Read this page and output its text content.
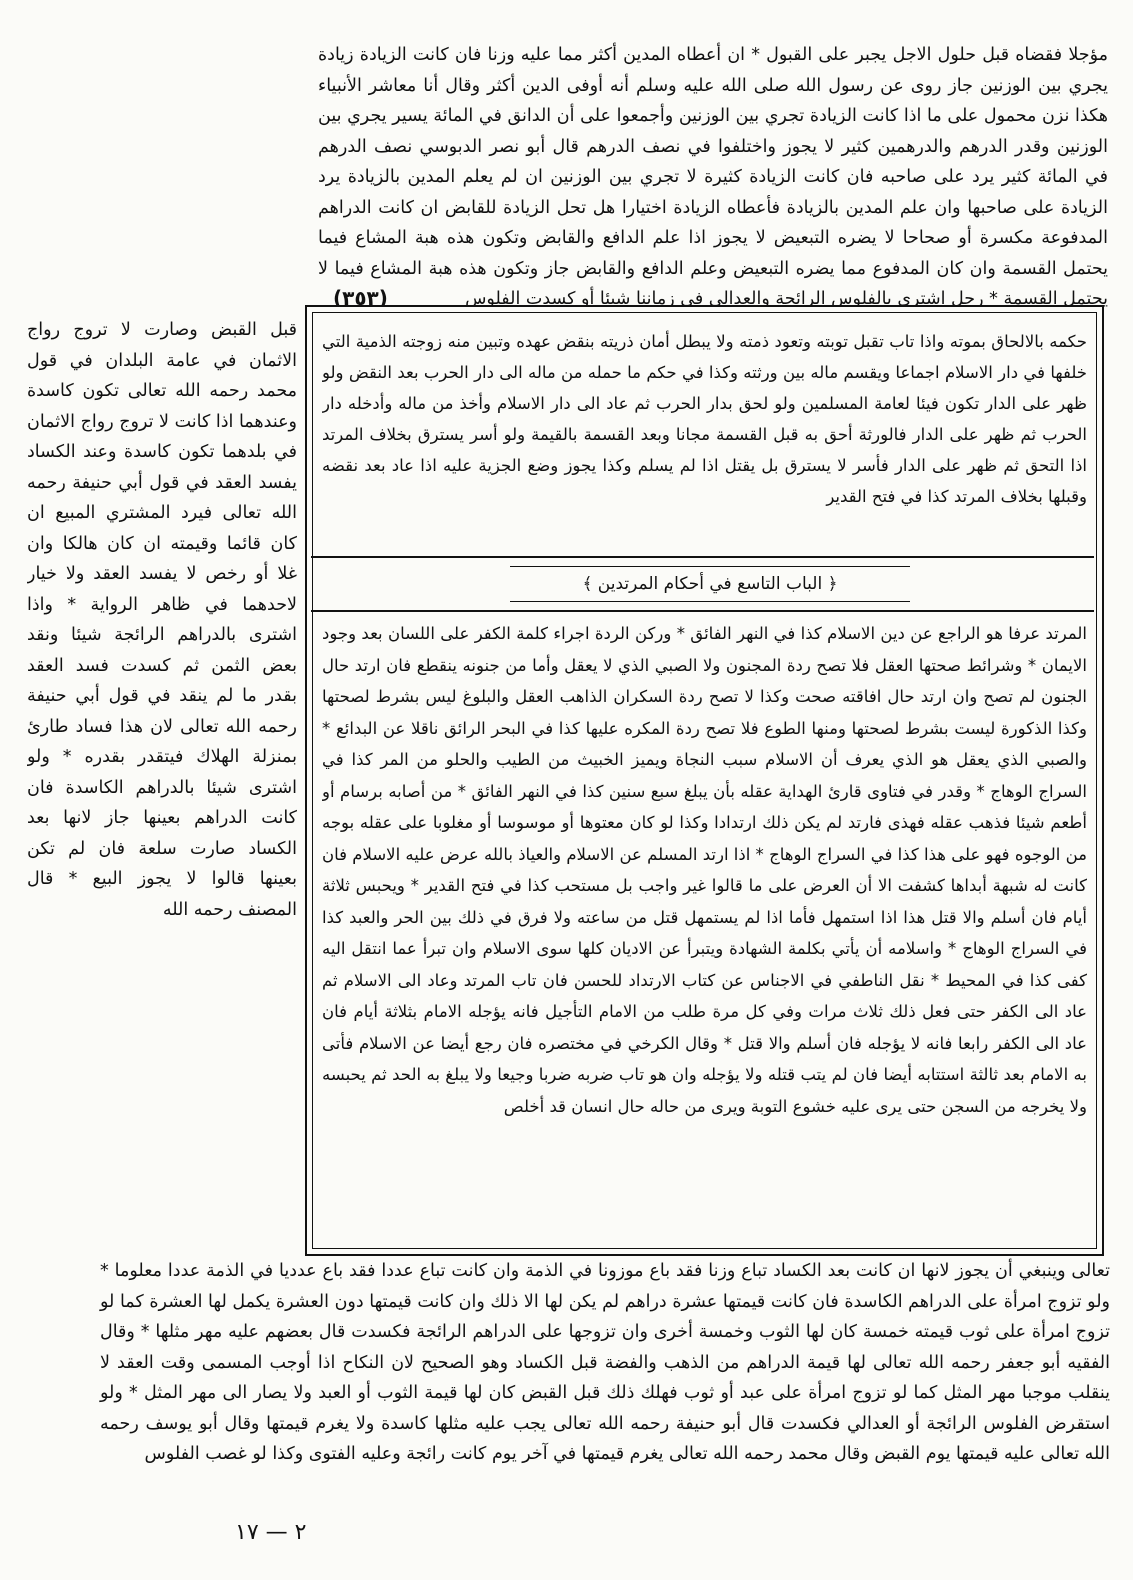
مؤجلا فقضاه قبل حلول الاجل يجبر على القبول * ان أعطاه المدين أكثر مما عليه وزنا فان كانت الزيادة زيادة يجري بين الوزنين جاز روى عن رسول الله صلى الله عليه وسلم أنه أوفى الدين أكثر وقال أنا معاشر الأنبياء هكذا نزن محمول على ما اذا كانت الزيادة تجري بين الوزنين وأجمعوا على أن الدانق في المائة يسير يجري بين الوزنين وقدر الدرهم والدرهمين كثير لا يجوز واختلفوا في نصف الدرهم قال أبو نصر الدبوسي نصف الدرهم في المائة كثير يرد على صاحبه فان كانت الزيادة كثيرة لا تجري بين الوزنين ان لم يعلم المدين بالزيادة يرد الزيادة على صاحبها وان علم المدين بالزيادة فأعطاه الزيادة اختيارا هل تحل الزيادة للقابض ان كانت الدراهم المدفوعة مكسرة أو صحاحا لا يضره التبعيض لا يجوز اذا علم الدافع والقابض وتكون هذه هبة المشاع فيما يحتمل القسمة وان كان المدفوع مما يضره التبعيض وعلم الدافع والقابض جاز وتكون هذه هبة المشاع فيما لا يحتمل القسمة * رجل اشترى بالفلوس الرائجة والعدالي في زماننا شيئا أو كسدت الفلوس

(٣٥٣)

قبل القبض وصارت لا تروج رواج الاثمان في عامة البلدان في قول محمد رحمه الله تعالى تكون كاسدة وعندهما اذا كانت لا تروج رواج الاثمان في بلدهما تكون كاسدة وعند الكساد يفسد العقد في قول أبي حنيفة رحمه الله تعالى فيرد المشتري المبيع ان كان قائما وقيمته ان كان هالكا وان غلا أو رخص لا يفسد العقد ولا خيار لاحدهما في ظاهر الرواية * واذا اشترى بالدراهم الرائجة شيئا ونقد بعض الثمن ثم كسدت فسد العقد بقدر ما لم ينقد في قول أبي حنيفة رحمه الله تعالى لان هذا فساد طارئ بمنزلة الهلاك فيتقدر بقدره * ولو اشترى شيئا بالدراهم الكاسدة فان كانت الدراهم بعينها جاز لانها بعد الكساد صارت سلعة فان لم تكن بعينها قالوا لا يجوز البيع * قال المصنف رحمه الله

حكمه بالالحاق بموته واذا تاب تقبل توبته وتعود ذمته ولا يبطل أمان ذريته بنقض عهده وتبين منه زوجته الذمية التي خلفها في دار الاسلام اجماعا ويقسم ماله بين ورثته وكذا في حكم ما حمله من ماله الى دار الحرب بعد النقض ولو ظهر على الدار تكون فيئا لعامة المسلمين ولو لحق بدار الحرب ثم عاد الى دار الاسلام وأخذ من ماله وأدخله دار الحرب ثم ظهر على الدار فالورثة أحق به قبل القسمة مجانا وبعد القسمة بالقيمة ولو أسر يسترق بخلاف المرتد اذا التحق ثم ظهر على الدار فأسر لا يسترق بل يقتل اذا لم يسلم وكذا يجوز وضع الجزية عليه اذا عاد بعد نقضه وقبلها بخلاف المرتد كذا في فتح القدير

﴿ الباب التاسع في أحكام المرتدين ﴾

المرتد عرفا هو الراجع عن دين الاسلام كذا في النهر الفائق * وركن الردة اجراء كلمة الكفر على اللسان بعد وجود الايمان * وشرائط صحتها العقل فلا تصح ردة المجنون ولا الصبي الذي لا يعقل وأما من جنونه ينقطع فان ارتد حال الجنون لم تصح وان ارتد حال افاقته صحت وكذا لا تصح ردة السكران الذاهب العقل والبلوغ ليس بشرط لصحتها وكذا الذكورة ليست بشرط لصحتها ومنها الطوع فلا تصح ردة المكره عليها كذا في البحر الرائق ناقلا عن البدائع * والصبي الذي يعقل هو الذي يعرف أن الاسلام سبب النجاة ويميز الخبيث من الطيب والحلو من المر كذا في السراج الوهاج * وقدر في فتاوى قارئ الهداية عقله بأن يبلغ سبع سنين كذا في النهر الفائق * من أصابه برسام أو أطعم شيئا فذهب عقله فهذى فارتد لم يكن ذلك ارتدادا وكذا لو كان معتوها أو موسوسا أو مغلوبا على عقله بوجه من الوجوه فهو على هذا كذا في السراج الوهاج * اذا ارتد المسلم عن الاسلام والعياذ بالله عرض عليه الاسلام فان كانت له شبهة أبداها كشفت الا أن العرض على ما قالوا غير واجب بل مستحب كذا في فتح القدير * ويحبس ثلاثة أيام فان أسلم والا قتل هذا اذا استمهل فأما اذا لم يستمهل قتل من ساعته ولا فرق في ذلك بين الحر والعبد كذا في السراج الوهاج * واسلامه أن يأتي بكلمة الشهادة ويتبرأ عن الاديان كلها سوى الاسلام وان تبرأ عما انتقل اليه كفى كذا في المحيط * نقل الناطفي في الاجناس عن كتاب الارتداد للحسن فان تاب المرتد وعاد الى الاسلام ثم عاد الى الكفر حتى فعل ذلك ثلاث مرات وفي كل مرة طلب من الامام التأجيل فانه يؤجله الامام بثلاثة أيام فان عاد الى الكفر رابعا فانه لا يؤجله فان أسلم والا قتل * وقال الكرخي في مختصره فان رجع أيضا عن الاسلام فأتى به الامام بعد ثالثة استتابه أيضا فان لم يتب قتله ولا يؤجله وان هو تاب ضربه ضربا وجيعا ولا يبلغ به الحد ثم يحبسه ولا يخرجه من السجن حتى يرى عليه خشوع التوبة ويرى من حاله حال انسان قد أخلص

تعالى وينبغي أن يجوز لانها ان كانت بعد الكساد تباع وزنا فقد باع موزونا في الذمة وان كانت تباع عددا فقد باع عدديا في الذمة عددا معلوما * ولو تزوج امرأة على الدراهم الكاسدة فان كانت قيمتها عشرة دراهم لم يكن لها الا ذلك وان كانت قيمتها دون العشرة يكمل لها العشرة كما لو تزوج امرأة على ثوب قيمته خمسة كان لها الثوب وخمسة أخرى وان تزوجها على الدراهم الرائجة فكسدت قال بعضهم عليه مهر مثلها * وقال الفقيه أبو جعفر رحمه الله تعالى لها قيمة الدراهم من الذهب والفضة قبل الكساد وهو الصحيح لان النكاح اذا أوجب المسمى وقت العقد لا ينقلب موجبا مهر المثل كما لو تزوج امرأة على عبد أو ثوب فهلك ذلك قبل القبض كان لها قيمة الثوب أو العبد ولا يصار الى مهر المثل * ولو استقرض الفلوس الرائجة أو العدالي فكسدت قال أبو حنيفة رحمه الله تعالى يجب عليه مثلها كاسدة ولا يغرم قيمتها وقال أبو يوسف رحمه الله تعالى عليه قيمتها يوم القبض وقال محمد رحمه الله تعالى يغرم قيمتها في آخر يوم كانت رائجة وعليه الفتوى وكذا لو غصب الفلوس

٢ — ١٧
